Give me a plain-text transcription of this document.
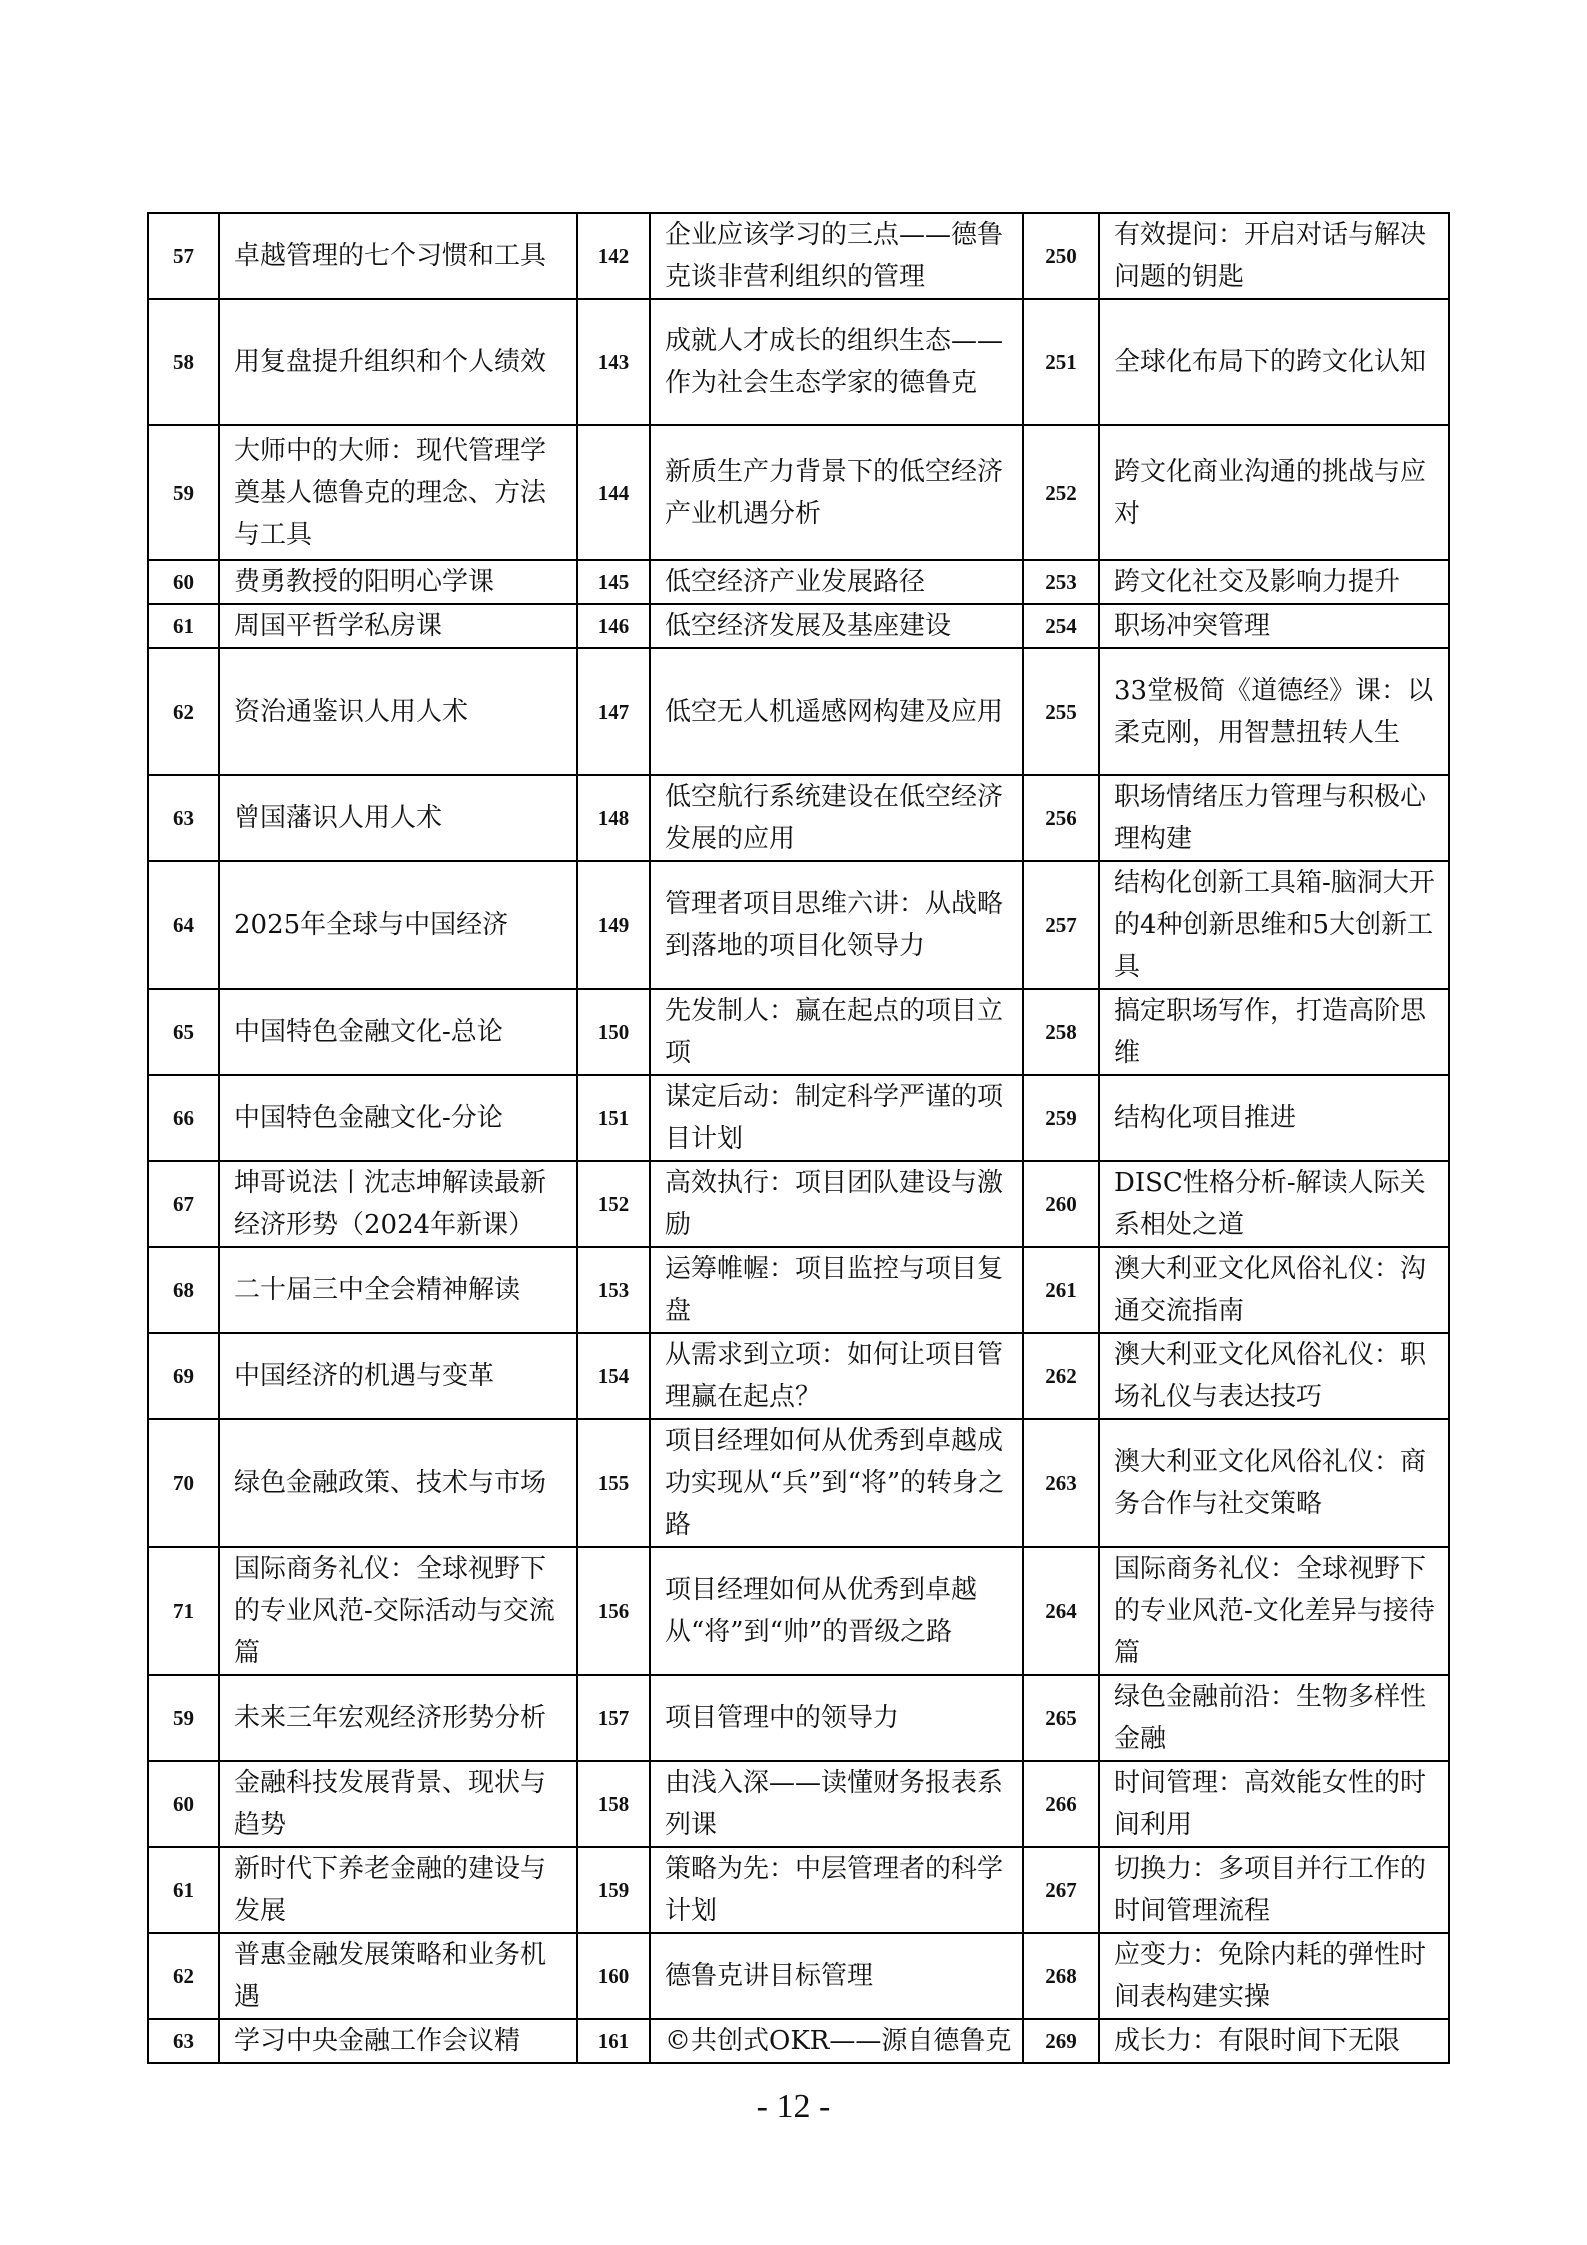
57	卓越管理的七个习惯和工具	142	企业应该学习的三点——德鲁克谈非营利组织的管理	250	有效提问：开启对话与解决问题的钥匙
58	用复盘提升组织和个人绩效	143	成就人才成长的组织生态——作为社会生态学家的德鲁克	251	全球化布局下的跨文化认知
59	大师中的大师：现代管理学奠基人德鲁克的理念、方法与工具	144	新质生产力背景下的低空经济产业机遇分析	252	跨文化商业沟通的挑战与应对
60	费勇教授的阳明心学课	145	低空经济产业发展路径	253	跨文化社交及影响力提升
61	周国平哲学私房课	146	低空经济发展及基座建设	254	职场冲突管理
62	资治通鉴识人用人术	147	低空无人机遥感网构建及应用	255	33堂极简《道德经》课：以柔克刚，用智慧扭转人生
63	曾国藩识人用人术	148	低空航行系统建设在低空经济发展的应用	256	职场情绪压力管理与积极心理构建
64	2025年全球与中国经济	149	管理者项目思维六讲：从战略到落地的项目化领导力	257	结构化创新工具箱-脑洞大开的4种创新思维和5大创新工具
65	中国特色金融文化-总论	150	先发制人：赢在起点的项目立项	258	搞定职场写作，打造高阶思维
66	中国特色金融文化-分论	151	谋定后动：制定科学严谨的项目计划	259	结构化项目推进
67	坤哥说法丨沈志坤解读最新经济形势（2024年新课）	152	高效执行：项目团队建设与激励	260	DISC性格分析-解读人际关系相处之道
68	二十届三中全会精神解读	153	运筹帷幄：项目监控与项目复盘	261	澳大利亚文化风俗礼仪：沟通交流指南
69	中国经济的机遇与变革	154	从需求到立项：如何让项目管理赢在起点？	262	澳大利亚文化风俗礼仪：职场礼仪与表达技巧
70	绿色金融政策、技术与市场	155	项目经理如何从优秀到卓越成功实现从“兵”到“将”的转身之路	263	澳大利亚文化风俗礼仪：商务合作与社交策略
71	国际商务礼仪：全球视野下的专业风范-交际活动与交流篇	156	项目经理如何从优秀到卓越从“将”到“帅”的晋级之路	264	国际商务礼仪：全球视野下的专业风范-文化差异与接待篇
59	未来三年宏观经济形势分析	157	项目管理中的领导力	265	绿色金融前沿：生物多样性金融
60	金融科技发展背景、现状与趋势	158	由浅入深——读懂财务报表系列课	266	时间管理：高效能女性的时间利用
61	新时代下养老金融的建设与发展	159	策略为先：中层管理者的科学计划	267	切换力：多项目并行工作的时间管理流程
62	普惠金融发展策略和业务机遇	160	德鲁克讲目标管理	268	应变力：免除内耗的弹性时间表构建实操
63	学习中央金融工作会议精	161	©共创式OKR——源自德鲁克	269	成长力：有限时间下无限
- 12 -
